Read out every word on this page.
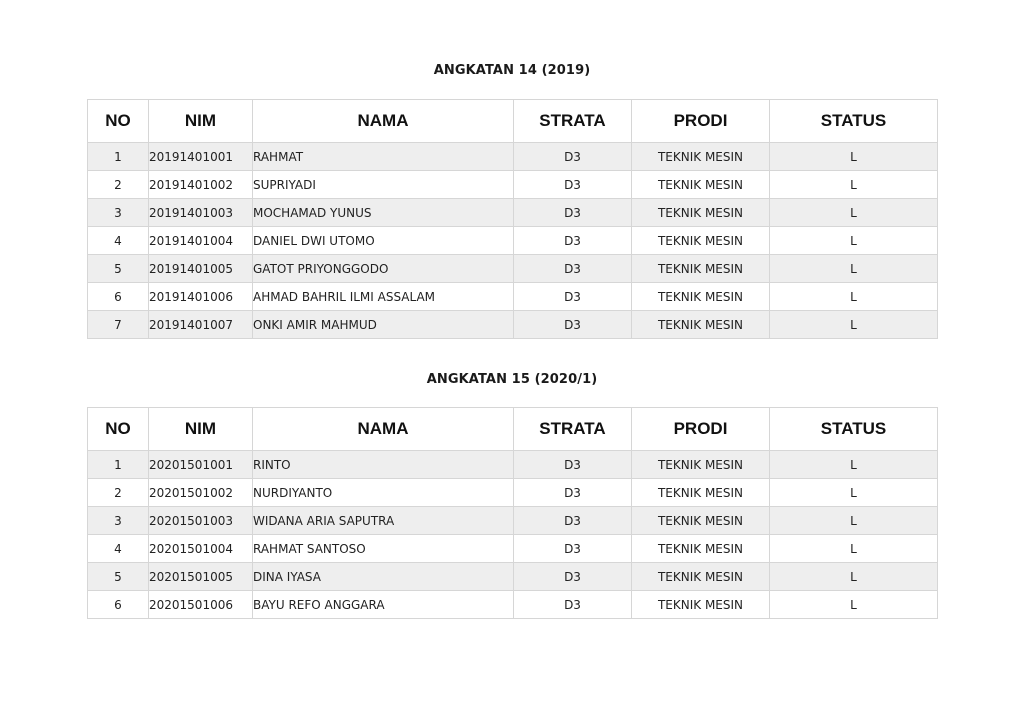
ANGKATAN 14 (2019)
NO	NIM	NAMA	STRATA	PRODI	STATUS
1	20191401001	RAHMAT	D3	TEKNIK MESIN	L
2	20191401002	SUPRIYADI	D3	TEKNIK MESIN	L
3	20191401003	MOCHAMAD YUNUS	D3	TEKNIK MESIN	L
4	20191401004	DANIEL DWI UTOMO	D3	TEKNIK MESIN	L
5	20191401005	GATOT PRIYONGGODO	D3	TEKNIK MESIN	L
6	20191401006	AHMAD BAHRIL ILMI ASSALAM	D3	TEKNIK MESIN	L
7	20191401007	ONKI AMIR MAHMUD	D3	TEKNIK MESIN	L
ANGKATAN 15 (2020/1)
NO	NIM	NAMA	STRATA	PRODI	STATUS
1	20201501001	RINTO	D3	TEKNIK MESIN	L
2	20201501002	NURDIYANTO	D3	TEKNIK MESIN	L
3	20201501003	WIDANA ARIA SAPUTRA	D3	TEKNIK MESIN	L
4	20201501004	RAHMAT SANTOSO	D3	TEKNIK MESIN	L
5	20201501005	DINA IYASA	D3	TEKNIK MESIN	L
6	20201501006	BAYU REFO ANGGARA	D3	TEKNIK MESIN	L
